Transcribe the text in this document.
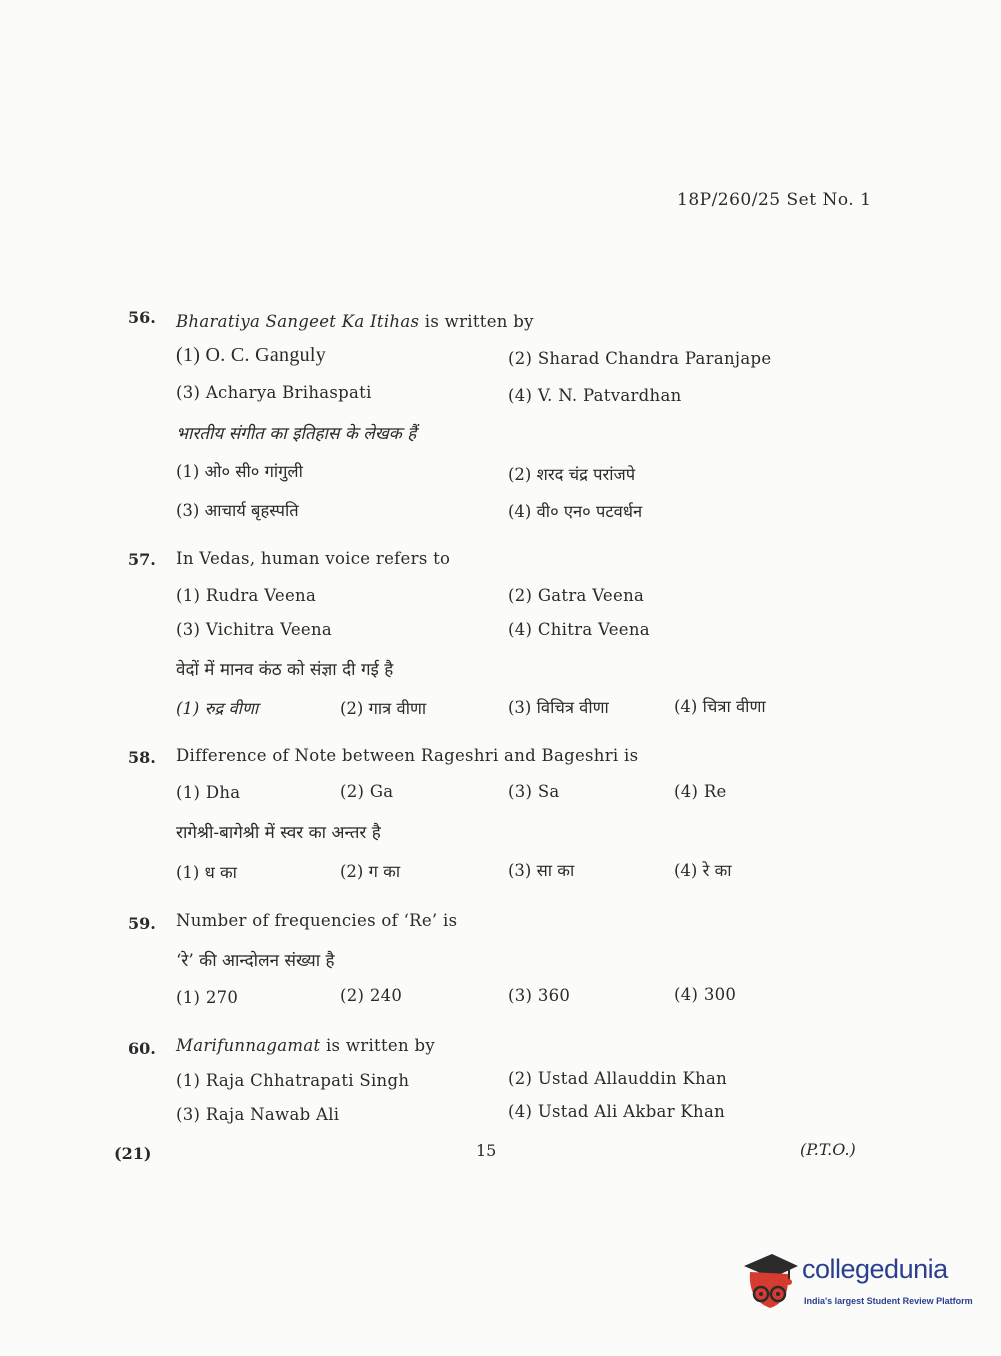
18P/260/25 Set No. 1
56. Bharatiya Sangeet Ka Itihas is written by
(1) O. C. Ganguly	(2) Sharad Chandra Paranjape
(3) Acharya Brihaspati	(4) V. N. Patvardhan
भारतीय संगीत का इतिहास के लेखक हैं
(1) ओ० सी० गांगुली	(2) शरद चंद्र परांजपे
(3) आचार्य बृहस्पति	(4) वी० एन० पटवर्धन
57. In Vedas, human voice refers to
(1) Rudra Veena	(2) Gatra Veena
(3) Vichitra Veena	(4) Chitra Veena
वेदों में मानव कंठ को संज्ञा दी गई है
(1) रुद्र वीणा	(2) गात्र वीणा	(3) विचित्र वीणा	(4) चित्रा वीणा
58. Difference of Note between Rageshri and Bageshri is
(1) Dha	(2) Ga	(3) Sa	(4) Re
रागेश्री-बागेश्री में स्वर का अन्तर है
(1) ध का	(2) ग का	(3) सा का	(4) रे का
59. Number of frequencies of ‘Re’ is
‘रे’ की आन्दोलन संख्या है
(1) 270	(2) 240	(3) 360	(4) 300
60. Marifunnagamat is written by
(1) Raja Chhatrapati Singh	(2) Ustad Allauddin Khan
(3) Raja Nawab Ali	(4) Ustad Ali Akbar Khan
(21)	15	(P.T.O.)
collegedunia
India's largest Student Review Platform
